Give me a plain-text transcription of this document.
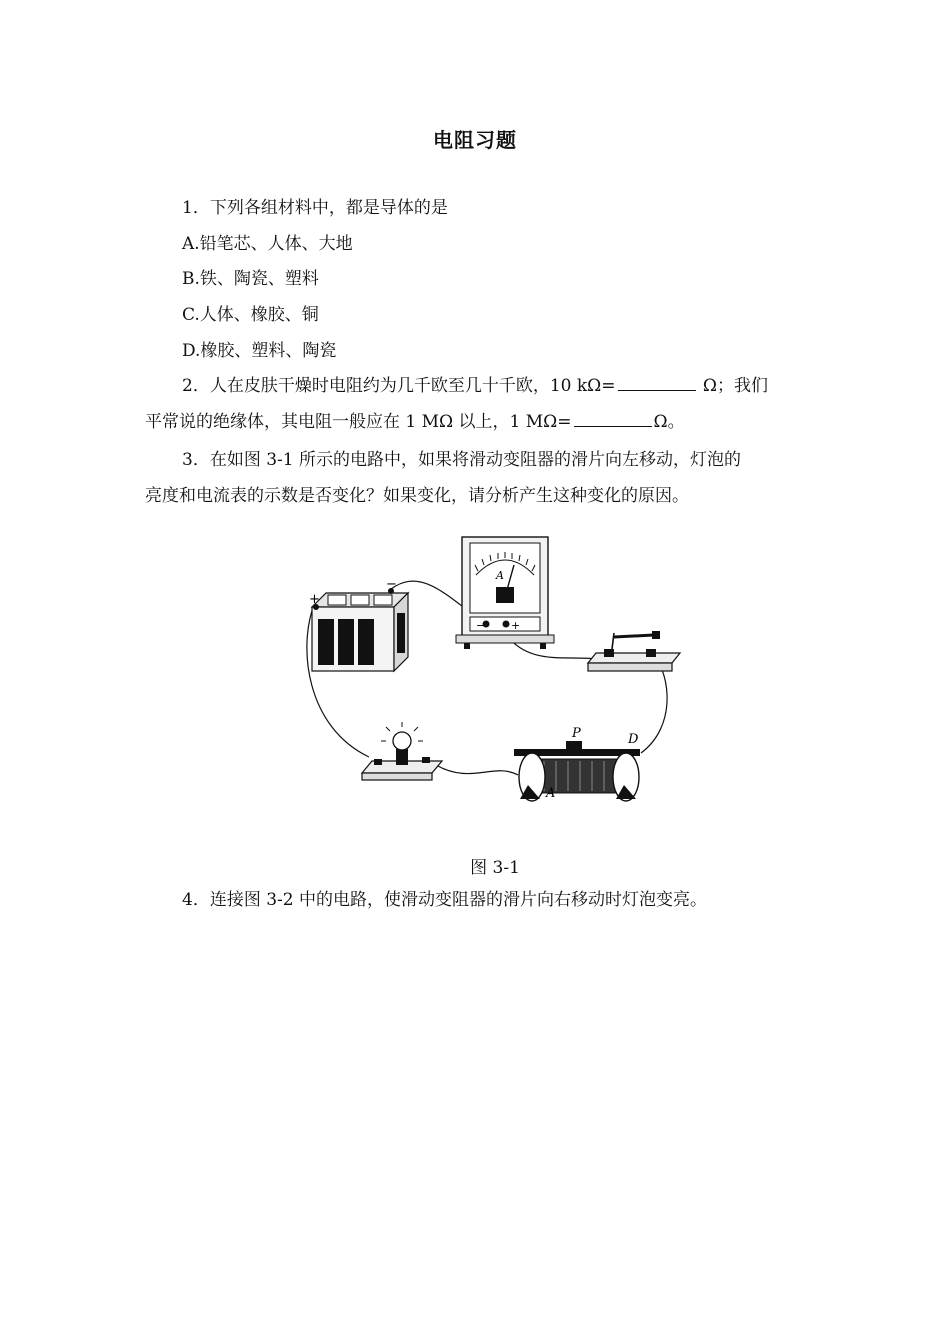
电阻习题
1．下列各组材料中，都是导体的是
A.铅笔芯、人体、大地
B.铁、陶瓷、塑料
C.人体、橡胶、铜
D.橡胶、塑料、陶瓷
2．人在皮肤干燥时电阻约为几千欧至几十千欧，10 kΩ=	Ω；我们
平常说的绝缘体，其电阻一般应在 1 MΩ 以上，1 MΩ=	Ω。
3．在如图 3-1 所示的电路中，如果将滑动变阻器的滑片向左移动，灯泡的
亮度和电流表的示数是否变化？如果变化，请分析产生这种变化的原因。
+
−
A
− +
P	D
A
图 3-1
4．连接图 3-2 中的电路，使滑动变阻器的滑片向右移动时灯泡变亮。
